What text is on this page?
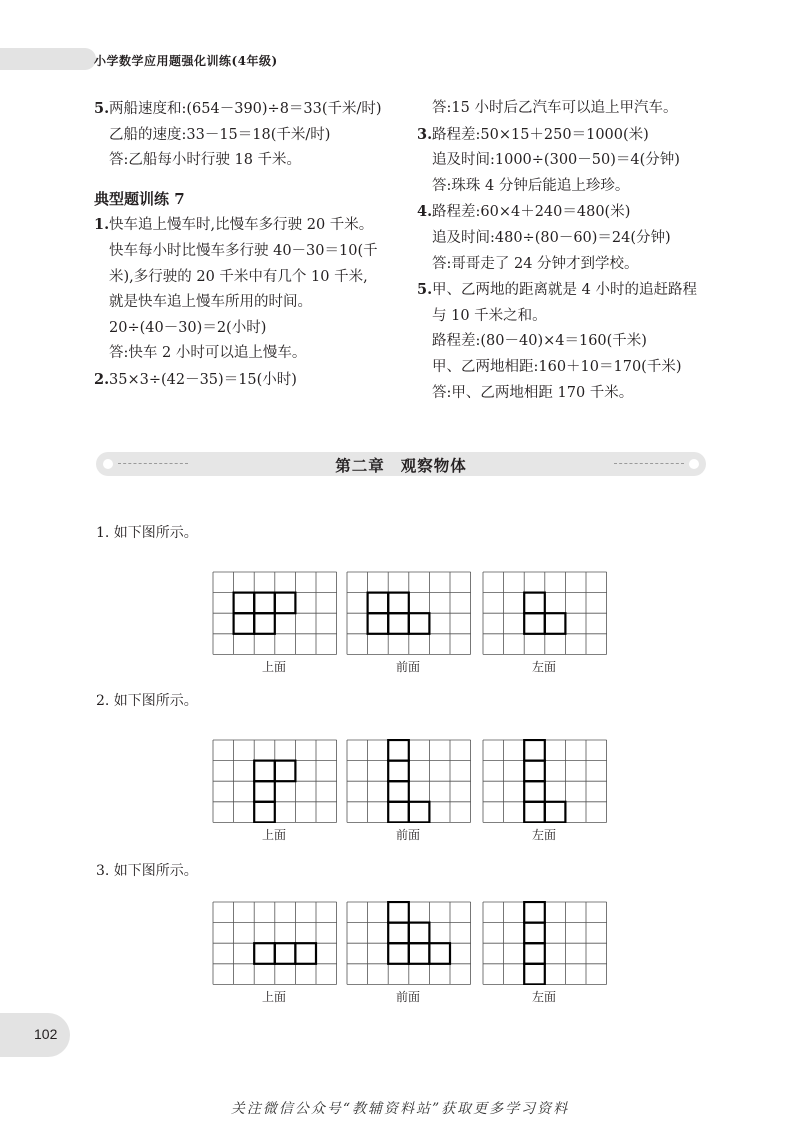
小学数学应用题强化训练(4年级)
5.两船速度和:(654－390)÷8＝33(千米/时)
乙船的速度:33－15＝18(千米/时)
答:乙船每小时行驶 18 千米。
典型题训练 7
1.快车追上慢车时,比慢车多行驶 20 千米。
快车每小时比慢车多行驶 40－30＝10(千
米),多行驶的 20 千米中有几个 10 千米,
就是快车追上慢车所用的时间。
20÷(40－30)＝2(小时)
答:快车 2 小时可以追上慢车。
2.35×3÷(42－35)＝15(小时)
答:15 小时后乙汽车可以追上甲汽车。
3.路程差:50×15＋250＝1000(米)
追及时间:1000÷(300－50)＝4(分钟)
答:珠珠 4 分钟后能追上珍珍。
4.路程差:60×4＋240＝480(米)
追及时间:480÷(80－60)＝24(分钟)
答:哥哥走了 24 分钟才到学校。
5.甲、乙两地的距离就是 4 小时的追赶路程
与 10 千米之和。
路程差:(80－40)×4＝160(千米)
甲、乙两地相距:160＋10＝170(千米)
答:甲、乙两地相距 170 千米。
第二章 观察物体
1. 如下图所示。
2. 如下图所示。
3. 如下图所示。
上面	前面	左面
上面	前面	左面
上面	前面	左面
102
关注微信公众号“教辅资料站”获取更多学习资料
